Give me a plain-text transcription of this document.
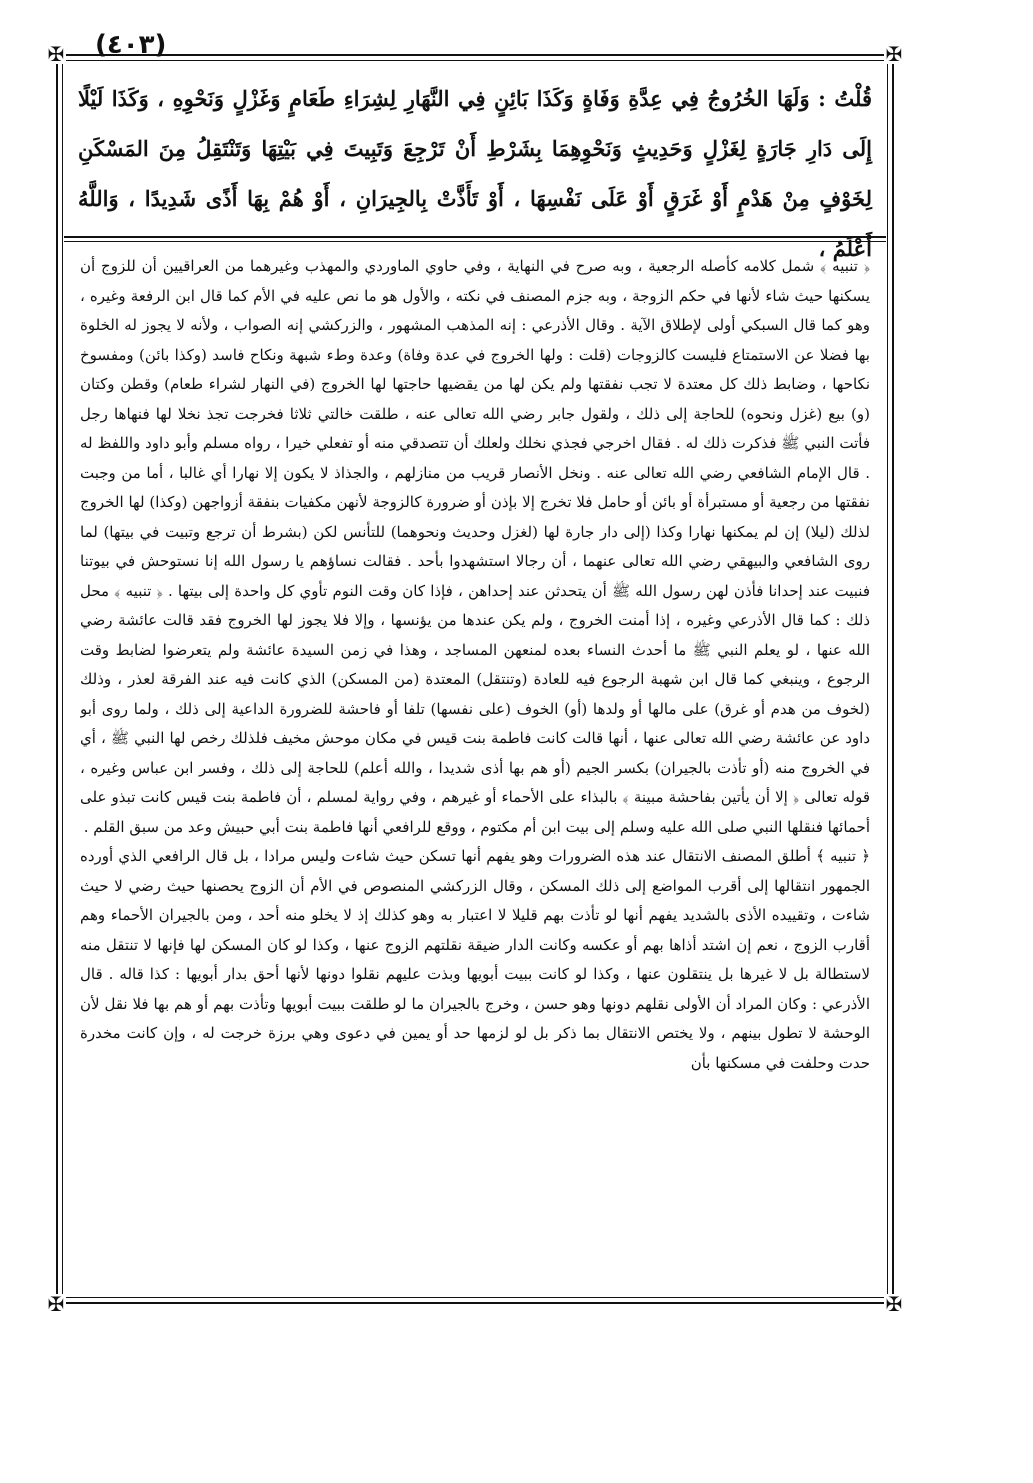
(٤٠٣)
✠	✠
✠	✠
قُلْتُ : وَلَهَا الخُرُوجُ فِي عِدَّةِ وَفَاةٍ وَكَذَا بَائِنٍ فِي النَّهَارِ لِشِرَاءِ طَعَامٍ وَغَزْلٍ وَنَحْوِهِ ، وَكَذَا لَيْلًا إِلَى دَارِ جَارَةٍ لِغَزْلٍ وَحَدِيثٍ وَنَحْوِهِمَا بِشَرْطِ أَنْ تَرْجِعَ وَتَبِيتَ فِي بَيْتِهَا وَتَنْتَقِلُ مِنَ المَسْكَنِ لِخَوْفٍ مِنْ هَدْمٍ أَوْ غَرَقٍ أَوْ عَلَى نَفْسِهَا ، أَوْ تَأَذَّتْ بِالجِيرَانِ ، أَوْ هُمْ بِهَا أَذًى شَدِيدًا ، وَاللَّهُ أَعْلَمُ ،

﴿ تنبيه ﴾ شمل كلامه كأصله الرجعية ، وبه صرح في النهاية ، وفي حاوي الماوردي والمهذب وغيرهما من العراقيين أن للزوج أن يسكنها حيث شاء لأنها في حكم الزوجة ، وبه جزم المصنف في نكته ، والأول هو ما نص عليه في الأم كما قال ابن الرفعة وغيره ، وهو كما قال السبكي أولى لإطلاق الآية . وقال الأذرعي : إنه المذهب المشهور ، والزركشي إنه الصواب ، ولأنه لا يجوز له الخلوة بها فضلا عن الاستمتاع فليست كالزوجات (قلت : ولها الخروج في عدة وفاة) وعدة وطء شبهة ونكاح فاسد (وكذا بائن) ومفسوخ نكاحها ، وضابط ذلك كل معتدة لا تجب نفقتها ولم يكن لها من يقضيها حاجتها لها الخروج (في النهار لشراء طعام) وقطن وكتان (و) بيع (غزل ونحوه) للحاجة إلى ذلك ، ولقول جابر رضي الله تعالى عنه ، طلقت خالتي ثلاثا فخرجت تجذ نخلا لها فنهاها رجل فأتت النبي ﷺ فذكرت ذلك له . فقال اخرجي فجذي نخلك ولعلك أن تتصدقي منه أو تفعلي خيرا ، رواه مسلم وأبو داود واللفظ له . قال الإمام الشافعي رضي الله تعالى عنه . ونخل الأنصار قريب من منازلهم ، والجذاذ لا يكون إلا نهارا أي غالبا ، أما من وجبت نفقتها من رجعية أو مستبرأة أو بائن أو حامل فلا تخرج إلا بإذن أو ضرورة كالزوجة لأنهن مكفيات بنفقة أزواجهن (وكذا) لها الخروج لذلك (ليلا) إن لم يمكنها نهارا وكذا (إلى دار جارة لها (لغزل وحديث ونحوهما) للتأنس لكن (بشرط أن ترجع وتبيت في بيتها) لما روى الشافعي والبيهقي رضي الله تعالى عنهما ، أن رجالا استشهدوا بأحد . فقالت نساؤهم يا رسول الله إنا نستوحش في بيوتنا فنبيت عند إحدانا فأذن لهن رسول الله ﷺ أن يتحدثن عند إحداهن ، فإذا كان وقت النوم تأوي كل واحدة إلى بيتها . ﴿ تنبيه ﴾ محل ذلك : كما قال الأذرعي وغيره ، إذا أمنت الخروج ، ولم يكن عندها من يؤنسها ، وإلا فلا يجوز لها الخروج فقد قالت عائشة رضي الله عنها ، لو يعلم النبي ﷺ ما أحدث النساء بعده لمنعهن المساجد ، وهذا في زمن السيدة عائشة ولم يتعرضوا لضابط وقت الرجوع ، وينبغي كما قال ابن شهبة الرجوع فيه للعادة (وتنتقل) المعتدة (من المسكن) الذي كانت فيه عند الفرقة لعذر ، وذلك (لخوف من هدم أو غرق) على مالها أو ولدها (أو) الخوف (على نفسها) تلفا أو فاحشة للضرورة الداعية إلى ذلك ، ولما روى أبو داود عن عائشة رضي الله تعالى عنها ، أنها قالت كانت فاطمة بنت قيس في مكان موحش مخيف فلذلك رخص لها النبي ﷺ ، أي في الخروج منه (أو تأذت بالجيران) بكسر الجيم (أو هم بها أذى شديدا ، والله أعلم) للحاجة إلى ذلك ، وفسر ابن عباس وغيره ، قوله تعالى ﴿ إلا أن يأتين بفاحشة مبينة ﴾ بالبذاء على الأحماء أو غيرهم ، وفي رواية لمسلم ، أن فاطمة بنت قيس كانت تبذو على أحمائها فنقلها النبي صلى الله عليه وسلم إلى بيت ابن أم مكتوم ، ووقع للرافعي أنها فاطمة بنت أبي حبيش وعد من سبق القلم .

﴿ تنبيه ﴾ أطلق المصنف الانتقال عند هذه الضرورات وهو يفهم أنها تسكن حيث شاءت وليس مرادا ، بل قال الرافعي الذي أورده الجمهور انتقالها إلى أقرب المواضع إلى ذلك المسكن ، وقال الزركشي المنصوص في الأم أن الزوج يحصنها حيث رضي لا حيث شاءت ، وتقييده الأذى بالشديد يفهم أنها لو تأذت بهم قليلا لا اعتبار به وهو كذلك إذ لا يخلو منه أحد ، ومن بالجيران الأحماء وهم أقارب الزوج ، نعم إن اشتد أذاها بهم أو عكسه وكانت الدار ضيقة نقلتهم الزوج عنها ، وكذا لو كان المسكن لها فإنها لا تنتقل منه لاستطالة بل لا غيرها بل ينتقلون عنها ، وكذا لو كانت ببيت أبويها وبذت عليهم نقلوا دونها لأنها أحق بدار أبويها : كذا قاله . قال الأذرعي : وكان المراد أن الأولى نقلهم دونها وهو حسن ، وخرج بالجيران ما لو طلقت ببيت أبويها وتأذت بهم أو هم بها فلا نقل لأن الوحشة لا تطول بينهم ، ولا يختص الانتقال بما ذكر بل لو لزمها حد أو يمين في دعوى وهي برزة خرجت له ، وإن كانت مخدرة حدت وحلفت في مسكنها بأن
